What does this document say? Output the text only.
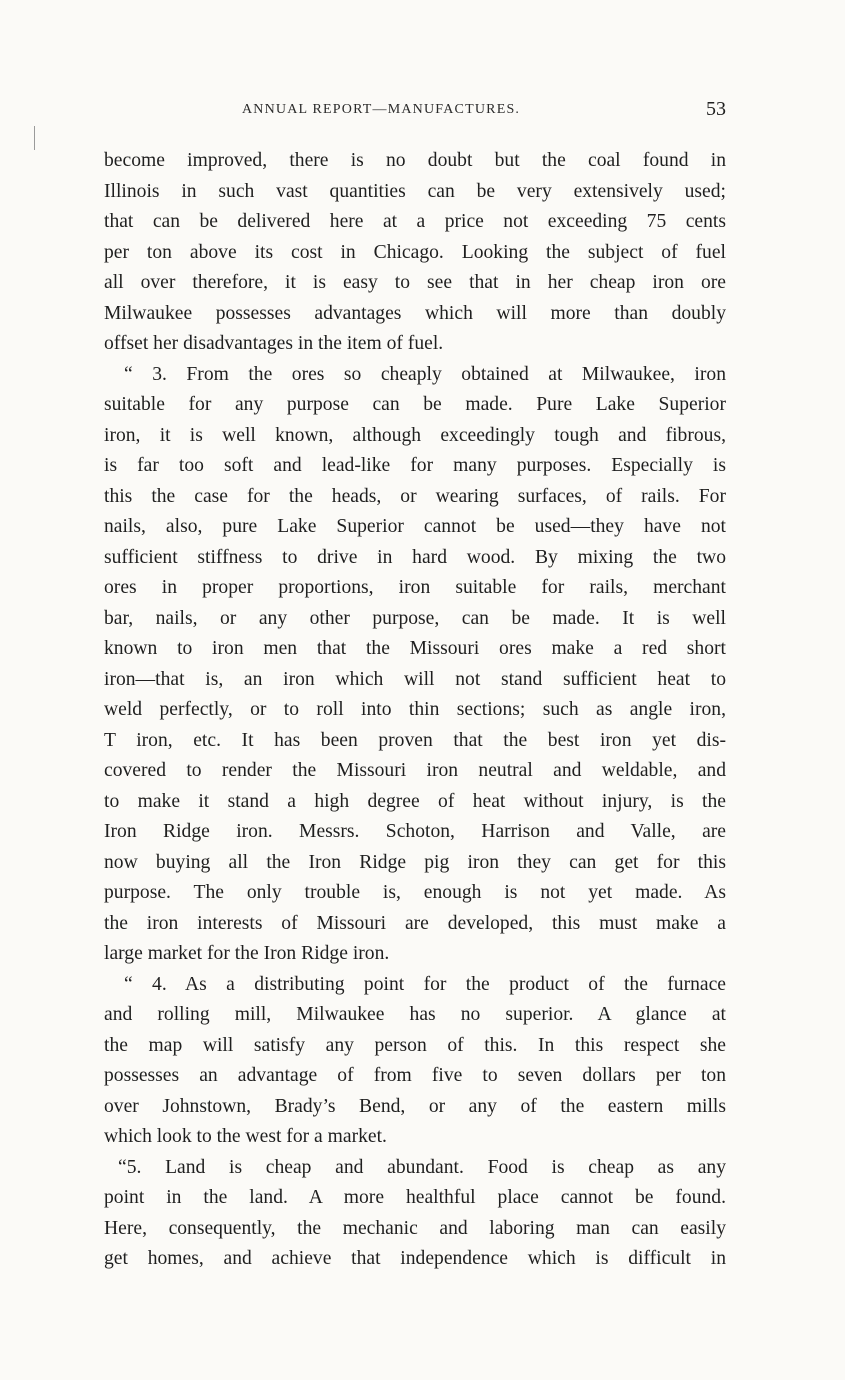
ANNUAL REPORT—MANUFACTURES.	53
become improved, there is no doubt but the coal found in
Illinois in such vast quantities can be very extensively used;
that can be delivered here at a price not exceeding 75 cents
per ton above its cost in Chicago. Looking the subject of fuel
all over therefore, it is easy to see that in her cheap iron ore
Milwaukee possesses advantages which will more than doubly
offset her disadvantages in the item of fuel.
“ 3. From the ores so cheaply obtained at Milwaukee, iron
suitable for any purpose can be made. Pure Lake Superior
iron, it is well known, although exceedingly tough and fibrous,
is far too soft and lead-like for many purposes. Especially is
this the case for the heads, or wearing surfaces, of rails. For
nails, also, pure Lake Superior cannot be used—they have not
sufficient stiffness to drive in hard wood. By mixing the two
ores in proper proportions, iron suitable for rails, merchant
bar, nails, or any other purpose, can be made. It is well
known to iron men that the Missouri ores make a red short
iron—that is, an iron which will not stand sufficient heat to
weld perfectly, or to roll into thin sections; such as angle iron,
T iron, etc. It has been proven that the best iron yet dis-
covered to render the Missouri iron neutral and weldable, and
to make it stand a high degree of heat without injury, is the
Iron Ridge iron. Messrs. Schoton, Harrison and Valle, are
now buying all the Iron Ridge pig iron they can get for this
purpose. The only trouble is, enough is not yet made. As
the iron interests of Missouri are developed, this must make a
large market for the Iron Ridge iron.
“ 4. As a distributing point for the product of the furnace
and rolling mill, Milwaukee has no superior. A glance at
the map will satisfy any person of this. In this respect she
possesses an advantage of from five to seven dollars per ton
over Johnstown, Brady’s Bend, or any of the eastern mills
which look to the west for a market.
“5. Land is cheap and abundant. Food is cheap as any
point in the land. A more healthful place cannot be found.
Here, consequently, the mechanic and laboring man can easily
get homes, and achieve that independence which is difficult in
